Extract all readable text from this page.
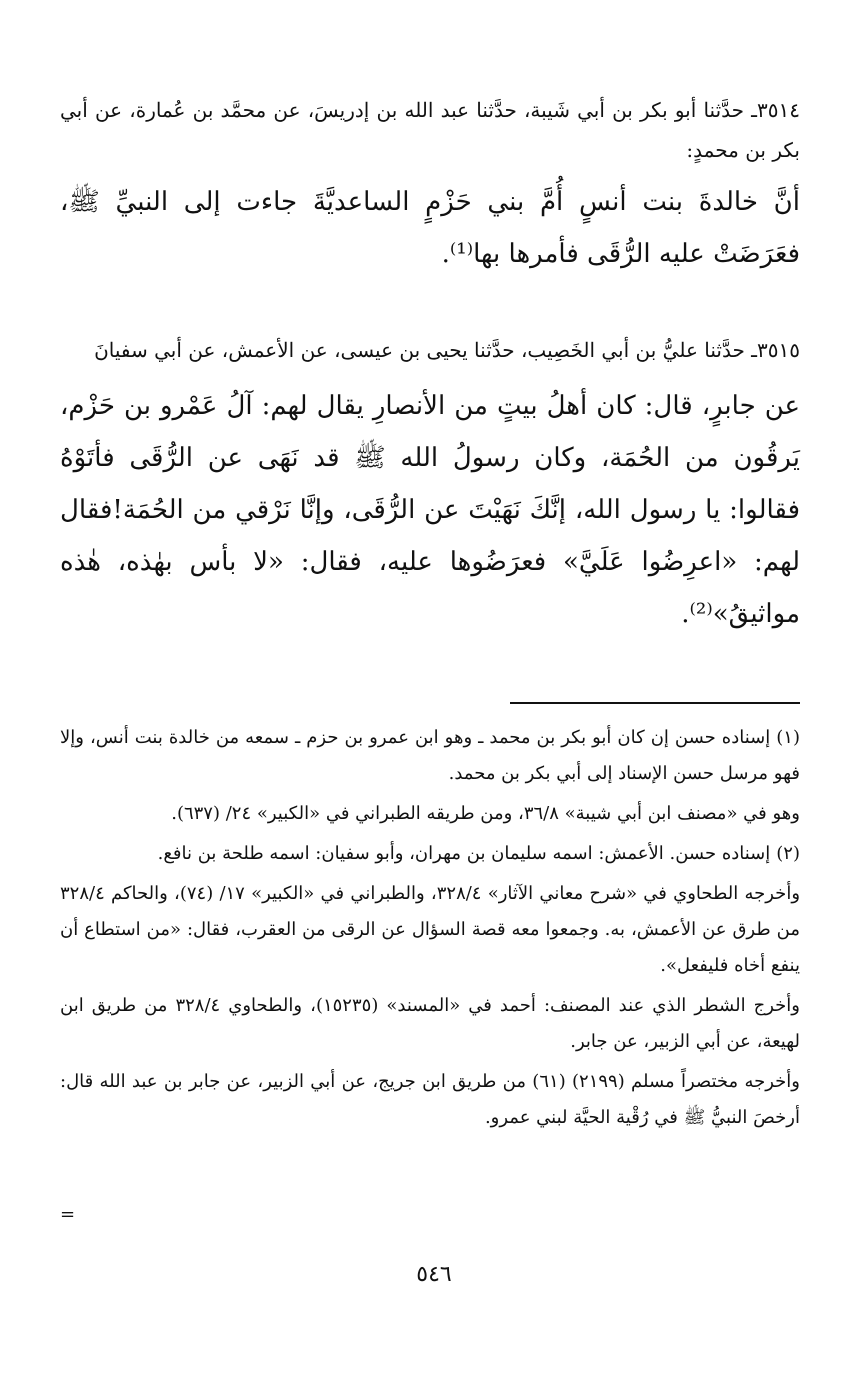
٣٥١٤ـ حدَّثنا أبو بكر بن أبي شَيبة، حدَّثنا عبد الله بن إدريسَ، عن محمَّد بن عُمارة، عن أبي بكر بن محمدٍ:

أنَّ خالدةَ بنت أنسٍ أُمَّ بني حَزْمٍ الساعديَّةَ جاءت إلى النبيِّ ﷺ، فعَرَضَتْ عليه الرُّقَى فأمرها بها⁽¹⁾.

٣٥١٥ـ حدَّثنا عليُّ بن أبي الخَصِيب، حدَّثنا يحيى بن عيسى، عن الأعمش، عن أبي سفيانَ

عن جابرٍ، قال: كان أهلُ بيتٍ من الأنصارِ يقال لهم: آلُ عَمْرو بن حَزْم، يَرقُون من الحُمَة، وكان رسولُ الله ﷺ قد نَهَى عن الرُّقَى فأتَوْهُ فقالوا: يا رسول الله، إنَّكَ نَهَيْتَ عن الرُّقَى، وإنَّا نَرْقي من الحُمَة!فقال لهم: «اعرِضُوا عَلَيَّ» فعرَضُوها عليه، فقال: «لا بأس بهٰذه، هٰذه مواثيقُ»⁽²⁾.

(١)إسناده حسن إن كان أبو بكر بن محمد ـ وهو ابن عمرو بن حزم ـ سمعه من خالدة بنت أنس، وإلا فهو مرسل حسن الإسناد إلى أبي بكر بن محمد.

وهو في «مصنف ابن أبي شيبة» ٣٦/٨، ومن طريقه الطبراني في «الكبير» ٢٤/ (٦٣٧).

(٢)إسناده حسن. الأعمش: اسمه سليمان بن مهران، وأبو سفيان: اسمه طلحة بن نافع.

وأخرجه الطحاوي في «شرح معاني الآثار» ٣٢٨/٤، والطبراني في «الكبير» ١٧/ (٧٤)، والحاكم ٣٢٨/٤ من طرق عن الأعمش، به. وجمعوا معه قصة السؤال عن الرقى من العقرب، فقال: «من استطاع أن ينفع أخاه فليفعل».

وأخرج الشطر الذي عند المصنف: أحمد في «المسند» (١٥٢٣٥)، والطحاوي ٣٢٨/٤ من طريق ابن لهيعة، عن أبي الزبير، عن جابر.

وأخرجه مختصراً مسلم (٢١٩٩) (٦١) من طريق ابن جريج، عن أبي الزبير، عن جابر بن عبد الله قال: أرخصَ النبيُّ ﷺ في رُقْية الحيَّة لبني عمرو.

=
٥٤٦
